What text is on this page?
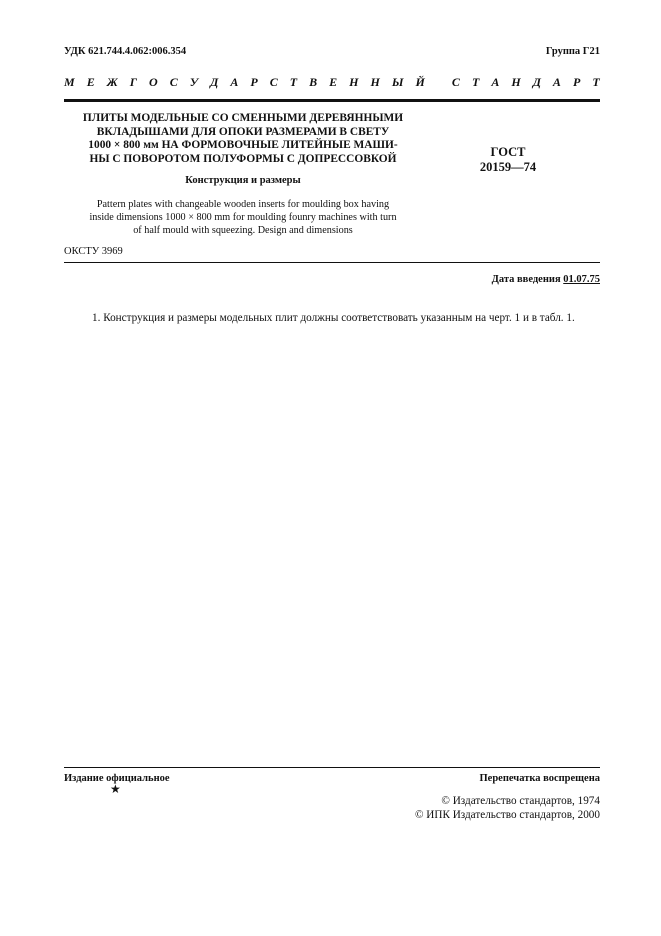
УДК 621.744.4.062:006.354	Группа Г21
М Е Ж Г О С У Д А Р С Т В Е Н Н Ы Й
С Т А Н Д А Р Т
ПЛИТЫ МОДЕЛЬНЫЕ СО СМЕННЫМИ ДЕРЕВЯННЫМИ
ВКЛАДЫШАМИ ДЛЯ ОПОКИ РАЗМЕРАМИ В СВЕТУ
1000 × 800 мм НА ФОРМОВОЧНЫЕ ЛИТЕЙНЫЕ МАШИ-
НЫ С ПОВОРОТОМ ПОЛУФОРМЫ С ДОПРЕССОВКОЙ
Конструкция и размеры
Pattern plates with changeable wooden inserts for moulding box having
inside dimensions 1000 × 800 mm for moulding founry machines with turn
of half mould with squeezing. Design and dimensions
ГОСТ
20159—74
ОКСТУ 3969
Дата введения 01.07.75
1. Конструкция и размеры модельных плит должны соответствовать указанным на черт. 1 и в табл. 1.
Издание официальное
★
Перепечатка воспрещена
© Издательство стандартов, 1974
© ИПК Издательство стандартов, 2000
